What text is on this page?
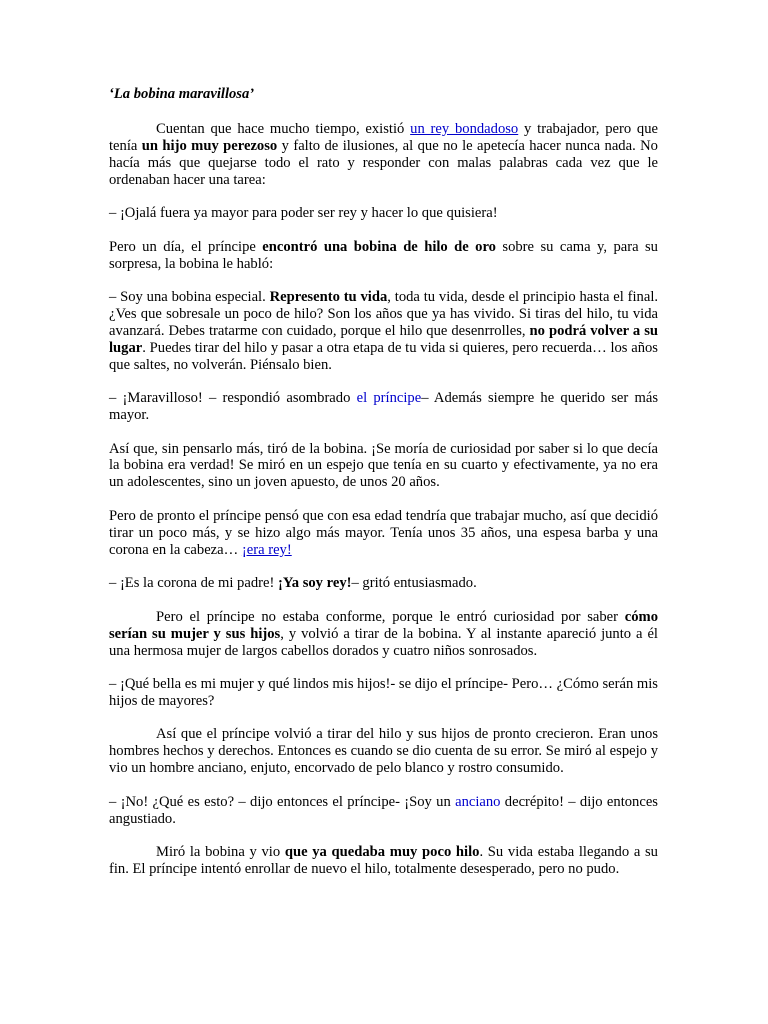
‘La bobina maravillosa’

Cuentan que hace mucho tiempo, existió un rey bondadoso y trabajador, pero que tenía un hijo muy perezoso y falto de ilusiones, al que no le apetecía hacer nunca nada. No hacía más que quejarse todo el rato y responder con malas palabras cada vez que le ordenaban hacer una tarea:

– ¡Ojalá fuera ya mayor para poder ser rey y hacer lo que quisiera!

Pero un día, el príncipe encontró una bobina de hilo de oro sobre su cama y, para su sorpresa, la bobina le habló:

– Soy una bobina especial. Represento tu vida, toda tu vida, desde el principio hasta el final. ¿Ves que sobresale un poco de hilo? Son los años que ya has vivido. Si tiras del hilo, tu vida avanzará. Debes tratarme con cuidado, porque el hilo que desenrrolles, no podrá volver a su lugar. Puedes tirar del hilo y pasar a otra etapa de tu vida si quieres, pero recuerda… los años que saltes, no volverán. Piénsalo bien.

– ¡Maravilloso! – respondió asombrado el príncipe– Además siempre he querido ser más mayor.

Así que, sin pensarlo más, tiró de la bobina. ¡Se moría de curiosidad por saber si lo que decía la bobina era verdad! Se miró en un espejo que tenía en su cuarto y efectivamente, ya no era un adolescentes, sino un joven apuesto, de unos 20 años.

Pero de pronto el príncipe pensó que con esa edad tendría que trabajar mucho, así que decidió tirar un poco más, y se hizo algo más mayor. Tenía unos 35 años, una espesa barba y una corona en la cabeza… ¡era rey!

– ¡Es la corona de mi padre! ¡Ya soy rey!– gritó entusiasmado.

Pero el príncipe no estaba conforme, porque le entró curiosidad por saber cómo serían su mujer y sus hijos, y volvió a tirar de la bobina. Y al instante apareció junto a él una hermosa mujer de largos cabellos dorados y cuatro niños sonrosados.

– ¡Qué bella es mi mujer y qué lindos mis hijos!- se dijo el príncipe- Pero… ¿Cómo serán mis hijos de mayores?

Así que el príncipe volvió a tirar del hilo y sus hijos de pronto crecieron. Eran unos hombres hechos y derechos. Entonces es cuando se dio cuenta de su error. Se miró al espejo y vio un hombre anciano, enjuto, encorvado de pelo blanco y rostro consumido.

– ¡No! ¿Qué es esto? – dijo entonces el príncipe- ¡Soy un anciano decrépito! – dijo entonces angustiado.

Miró la bobina y vio que ya quedaba muy poco hilo. Su vida estaba llegando a su fin. El príncipe intentó enrollar de nuevo el hilo, totalmente desesperado, pero no pudo.
